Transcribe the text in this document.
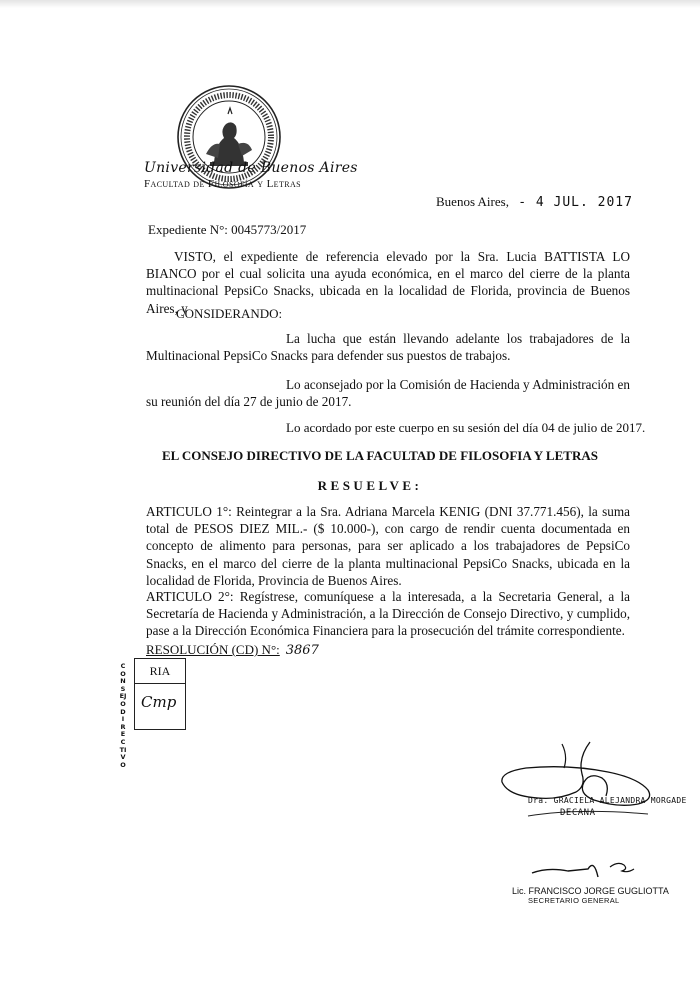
Universidad de Buenos Aires
Facultad de Filosofía y Letras
Buenos Aires, - 4 JUL. 2017
Expediente N°: 0045773/2017

VISTO, el expediente de referencia elevado por la Sra. Lucia BATTISTA LO BIANCO por el cual solicita una ayuda económica, en el marco del cierre de la planta multinacional PepsiCo Snacks, ubicada en la localidad de Florida, provincia de Buenos Aires, y

CONSIDERANDO:

La lucha que están llevando adelante los trabajadores de la Multinacional PepsiCo Snacks para defender sus puestos de trabajos.

Lo aconsejado por la Comisión de Hacienda y Administración en su reunión del día 27 de junio de 2017.

Lo acordado por este cuerpo en su sesión del día 04 de julio de 2017.
EL CONSEJO DIRECTIVO DE LA FACULTAD DE FILOSOFIA Y LETRAS
RESUELVE:
ARTICULO 1°: Reintegrar a la Sra. Adriana Marcela KENIG (DNI 37.771.456), la suma total de PESOS DIEZ MIL.- ($ 10.000-), con cargo de rendir cuenta documentada en concepto de alimento para personas, para ser aplicado a los trabajadores de PepsiCo Snacks, en el marco del cierre de la planta multinacional PepsiCo Snacks, ubicada en la localidad de Florida, Provincia de Buenos Aires.
ARTICULO 2°: Regístrese, comuníquese a la interesada, a la Secretaria General, a la Secretaría de Hacienda y Administración, a la Dirección de Consejo Directivo, y cumplido, pase a la Dirección Económica Financiera para la prosecución del trámite correspondiente.
RESOLUCIÓN (CD) N°: 3867
CONSEJO DIRECTIVO
RIA
Cmp
Dra. GRACIELA ALEJANDRA MORGADE
DECANA
Lic. FRANCISCO JORGE GUGLIOTTA
SECRETARIO GENERAL
